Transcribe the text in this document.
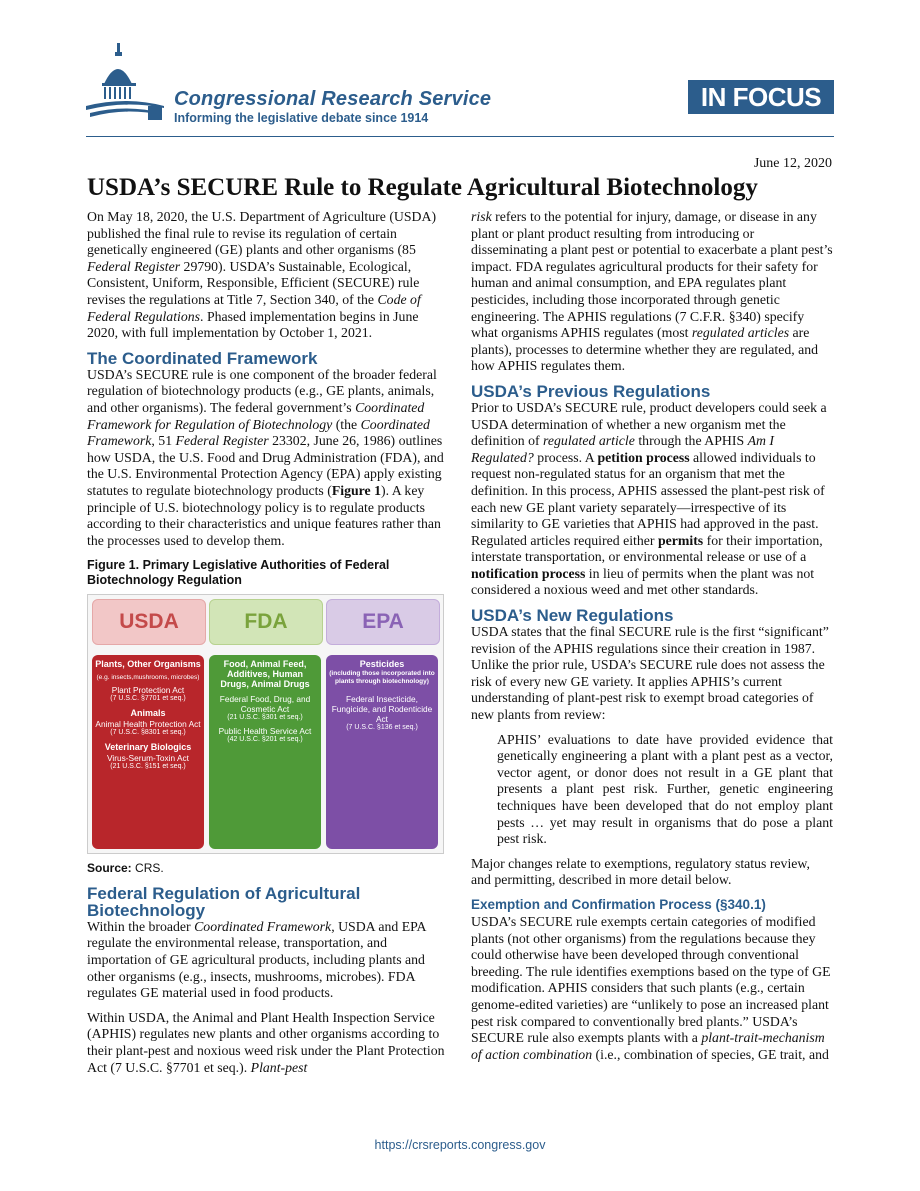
Congressional Research Service
Informing the legislative debate since 1914
IN FOCUS
June 12, 2020
USDA’s SECURE Rule to Regulate Agricultural Biotechnology

On May 18, 2020, the U.S. Department of Agriculture (USDA) published the final rule to revise its regulation of certain genetically engineered (GE) plants and other organisms (85 Federal Register 29790). USDA’s Sustainable, Ecological, Consistent, Uniform, Responsible, Efficient (SECURE) rule revises the regulations at Title 7, Section 340, of the Code of Federal Regulations. Phased implementation begins in June 2020, with full implementation by October 1, 2021.

The Coordinated Framework

USDA’s SECURE rule is one component of the broader federal regulation of biotechnology products (e.g., GE plants, animals, and other organisms). The federal government’s Coordinated Framework for Regulation of Biotechnology (the Coordinated Framework, 51 Federal Register 23302, June 26, 1986) outlines how USDA, the U.S. Food and Drug Administration (FDA), and the U.S. Environmental Protection Agency (EPA) apply existing statutes to regulate biotechnology products (Figure 1). A key principle of U.S. biotechnology policy is to regulate products according to their characteristics and unique features rather than the processes used to develop them.

Figure 1. Primary Legislative Authorities of Federal Biotechnology Regulation
USDA	FDA	EPA
Plants, Other Organisms
(e.g. insects,mushrooms, microbes)
Plant Protection Act
(7 U.S.C. §7701 et seq.)
Animals
Animal Health Protection Act
(7 U.S.C. §8301 et seq.)
Veterinary Biologics
Virus-Serum-Toxin Act
(21 U.S.C. §151 et seq.)
Food, Animal Feed, Additives, Human Drugs, Animal Drugs
Federal Food, Drug, and Cosmetic Act
(21 U.S.C. §301 et seq.)
Public Health Service Act
(42 U.S.C. §201 et seq.)
Pesticides
(including those incorporated into plants through biotechnology)
Federal Insecticide, Fungicide, and Rodenticide Act
(7 U.S.C. §136 et seq.)
Source: CRS.
Federal Regulation of Agricultural Biotechnology

Within the broader Coordinated Framework, USDA and EPA regulate the environmental release, transportation, and importation of GE agricultural products, including plants and other organisms (e.g., insects, mushrooms, microbes). FDA regulates GE material used in food products.

Within USDA, the Animal and Plant Health Inspection Service (APHIS) regulates new plants and other organisms according to their plant-pest and noxious weed risk under the Plant Protection Act (7 U.S.C. §7701 et seq.). Plant-pest

risk refers to the potential for injury, damage, or disease in any plant or plant product resulting from introducing or disseminating a plant pest or potential to exacerbate a plant pest’s impact. FDA regulates agricultural products for their safety for human and animal consumption, and EPA regulates plant pesticides, including those incorporated through genetic engineering. The APHIS regulations (7 C.F.R. §340) specify what organisms APHIS regulates (most regulated articles are plants), processes to determine whether they are regulated, and how APHIS regulates them.

USDA’s Previous Regulations

Prior to USDA’s SECURE rule, product developers could seek a USDA determination of whether a new organism met the definition of regulated article through the APHIS Am I Regulated? process. A petition process allowed individuals to request non-regulated status for an organism that met the definition. In this process, APHIS assessed the plant-pest risk of each new GE plant variety separately—irrespective of its similarity to GE varieties that APHIS had approved in the past. Regulated articles required either permits for their importation, interstate transportation, or environmental release or use of a notification process in lieu of permits when the plant was not considered a noxious weed and met other standards.

USDA’s New Regulations

USDA states that the final SECURE rule is the first “significant” revision of the APHIS regulations since their creation in 1987. Unlike the prior rule, USDA’s SECURE rule does not assess the risk of every new GE variety. It applies APHIS’s current understanding of plant-pest risk to exempt broad categories of new plants from review:

APHIS’ evaluations to date have provided evidence that genetically engineering a plant with a plant pest as a vector, vector agent, or donor does not result in a GE plant that presents a plant pest risk. Further, genetic engineering techniques have been developed that do not employ plant pests … yet may result in organisms that do pose a plant pest risk.

Major changes relate to exemptions, regulatory status review, and permitting, described in more detail below.

Exemption and Confirmation Process (§340.1)

USDA’s SECURE rule exempts certain categories of modified plants (not other organisms) from the regulations because they could otherwise have been developed through conventional breeding. The rule identifies exemptions based on the type of GE modification. APHIS considers that such plants (e.g., certain genome-edited varieties) are “unlikely to pose an increased plant pest risk compared to conventionally bred plants.” USDA’s SECURE rule also exempts plants with a plant-trait-mechanism of action combination (i.e., combination of species, GE trait, and

https://crsreports.congress.gov
